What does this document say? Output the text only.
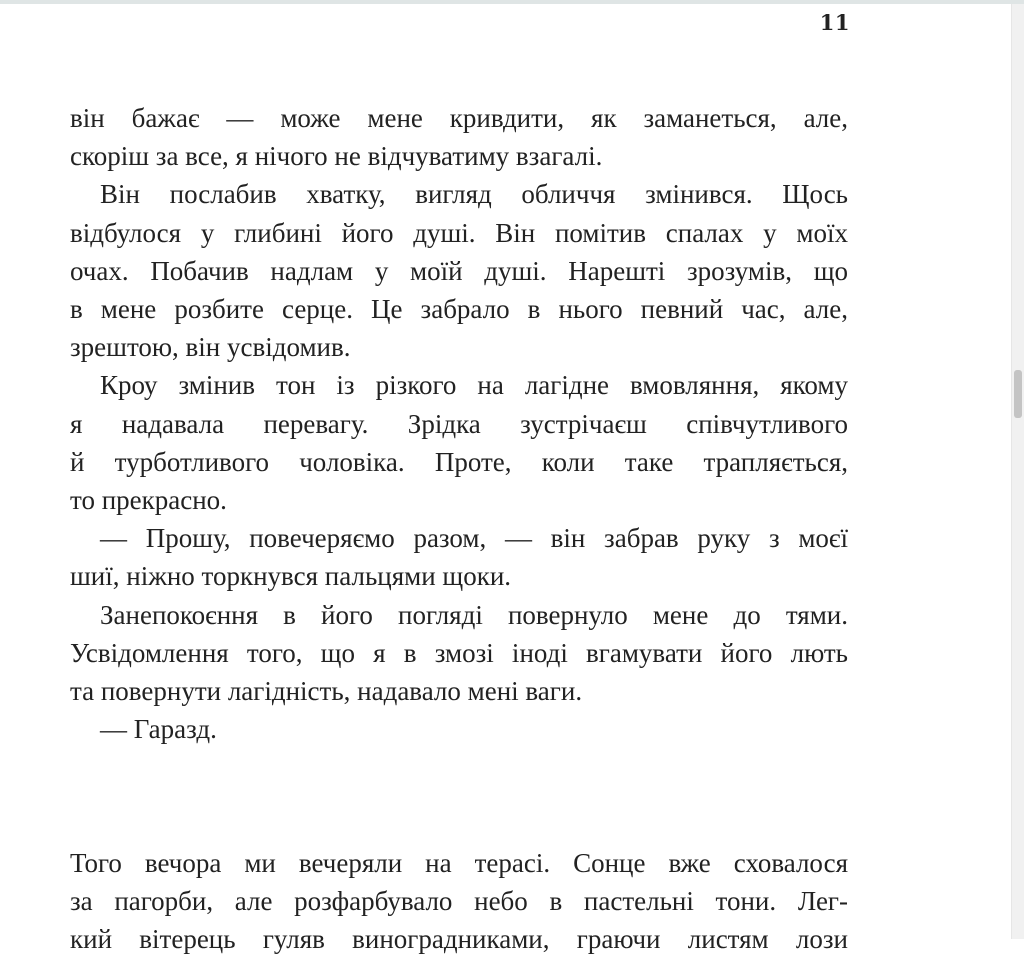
11

він бажає — може мене кривдити, як заманеться, але,

скоріш за все, я нічого не відчуватиму взагалі.

Він послабив хватку, вигляд обличчя змінився. Щось

відбулося у глибині його душі. Він помітив спалах у моїх

очах. Побачив надлам у моїй душі. Нарешті зрозумів, що

в мене розбите серце. Це забрало в нього певний час, але,

зрештою, він усвідомив.

Кроу змінив тон із різкого на лагідне вмовляння, якому

я надавала перевагу. Зрідка зустрічаєш співчутливого

й турботливого чоловіка. Проте, коли таке трапляється,

то прекрасно.

— Прошу, повечеряємо разом, — він забрав руку з моєї

шиї, ніжно торкнувся пальцями щоки.

Занепокоєння в його погляді повернуло мене до тями.

Усвідомлення того, що я в змозі іноді вгамувати його лють

та повернути лагідність, надавало мені ваги.

— Гаразд.

Того вечора ми вечеряли на терасі. Сонце вже сховалося

за пагорби, але розфарбувало небо в пастельні тони. Лег-

кий вітерець гуляв виноградниками, граючи листям лози
